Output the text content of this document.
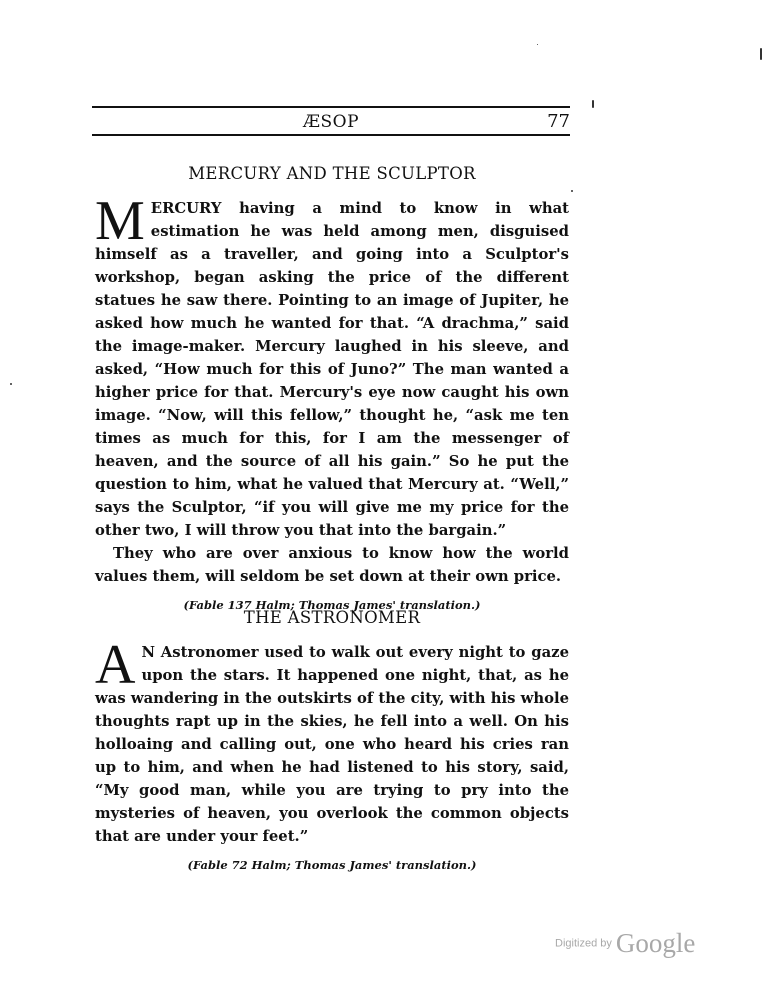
ÆSOP	77
MERCURY AND THE SCULPTOR

MERCURY having a mind to know in what estimation he was held among men, disguised himself as a traveller, and going into a Sculptor's workshop, began asking the price of the different statues he saw there. Pointing to an image of Jupiter, he asked how much he wanted for that. “A drachma,” said the image-maker. Mercury laughed in his sleeve, and asked, “How much for this of Juno?” The man wanted a higher price for that. Mercury's eye now caught his own image. “Now, will this fellow,” thought he, “ask me ten times as much for this, for I am the messenger of heaven, and the source of all his gain.” So he put the question to him, what he valued that Mercury at. “Well,” says the Sculptor, “if you will give me my price for the other two, I will throw you that into the bargain.”

They who are over anxious to know how the world values them, will seldom be set down at their own price.

(Fable 137 Halm; Thomas James' translation.)

THE ASTRONOMER

A N Astronomer used to walk out every night to gaze upon the stars. It happened one night, that, as he was wandering in the outskirts of the city, with his whole thoughts rapt up in the skies, he fell into a well. On his holloaing and calling out, one who heard his cries ran up to him, and when he had listened to his story, said, “My good man, while you are trying to pry into the mysteries of heaven, you overlook the common objects that are under your feet.”

(Fable 72 Halm; Thomas James' translation.)

Digitized by Google
